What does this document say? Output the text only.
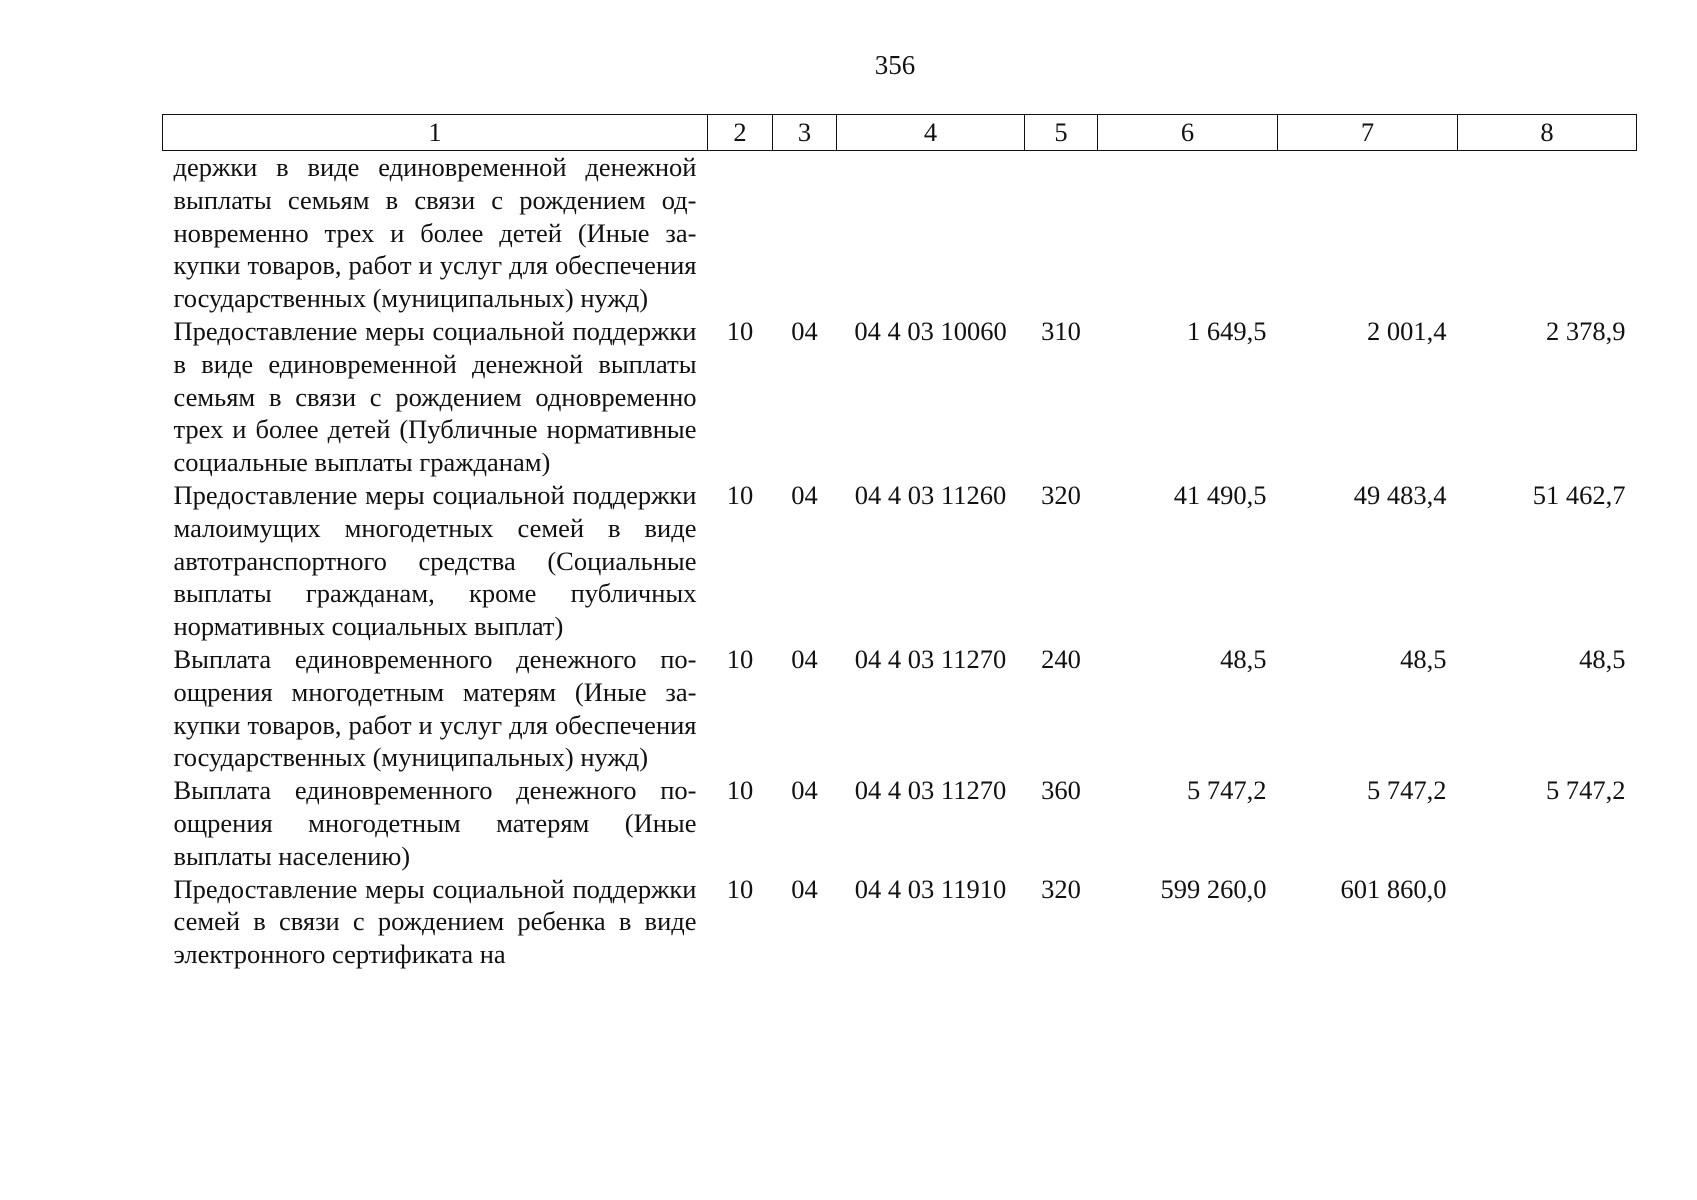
356
1	2	3	4	5	6	7	8
держки в виде единовременной денежной выплаты семьям в связи с рождением одновременно трех и более детей (Иные закупки товаров, работ и услуг для обеспечения государственных (муниципальных) нужд)							
Предоставление меры социальной поддержки в виде единовременной денежной выплаты семьям в связи с рождением одновременно трех и более детей (Публичные нормативные социальные выплаты гражданам)	10	04	04 4 03 10060	310	1 649,5	2 001,4	2 378,9
Предоставление меры социальной поддержки малоимущих многодетных семей в виде автотранспортного средства (Социальные выплаты гражданам, кроме публичных нормативных социальных выплат)	10	04	04 4 03 11260	320	41 490,5	49 483,4	51 462,7
Выплата единовременного денежного поощрения многодетным матерям (Иные закупки товаров, работ и услуг для обеспечения государственных (муниципальных) нужд)	10	04	04 4 03 11270	240	48,5	48,5	48,5
Выплата единовременного денежного поощрения многодетным матерям (Иные выплаты населению)	10	04	04 4 03 11270	360	5 747,2	5 747,2	5 747,2
Предоставление меры социальной поддержки семей в связи с рождением ребенка в виде электронного сертификата на	10	04	04 4 03 11910	320	599 260,0	601 860,0	
